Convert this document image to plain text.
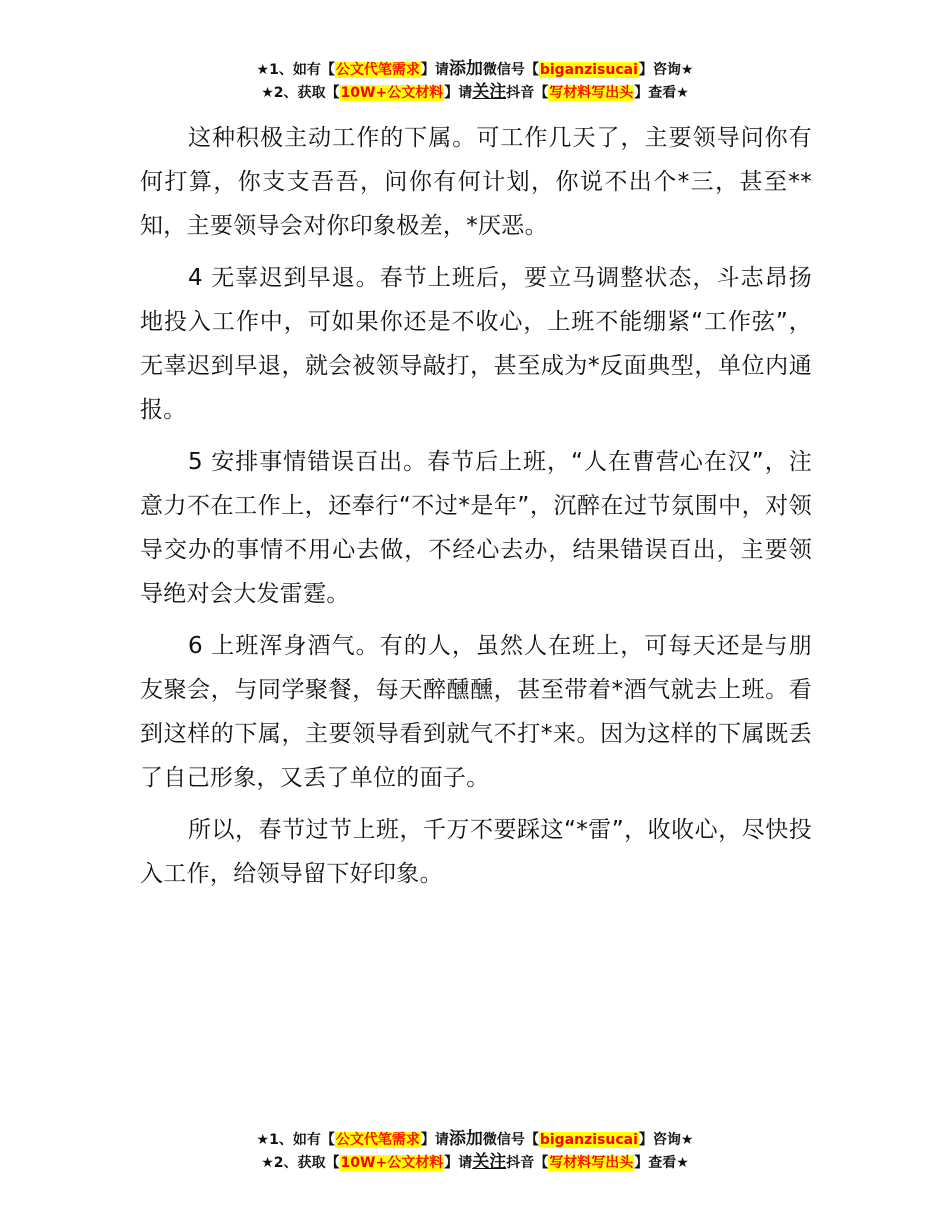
★1、如有【公文代笔需求】请添加微信号【biganzisucai】咨询★
★2、获取【10W+公文材料】请关注抖音【写材料写出头】查看★

这种积极主动工作的下属。可工作几天了，主要领导问你有何打算，你支支吾吾，问你有何计划，你说不出个*三，甚至**知，主要领导会对你印象极差，*厌恶。

4 无辜迟到早退。春节上班后，要立马调整状态，斗志昂扬地投入工作中，可如果你还是不收心，上班不能绷紧“工作弦”，无辜迟到早退，就会被领导敲打，甚至成为*反面典型，单位内通报。

5 安排事情错误百出。春节后上班，“人在曹营心在汉”，注意力不在工作上，还奉行“不过*是年”，沉醉在过节氛围中，对领导交办的事情不用心去做，不经心去办，结果错误百出，主要领导绝对会大发雷霆。

6 上班浑身酒气。有的人，虽然人在班上，可每天还是与朋友聚会，与同学聚餐，每天醉醺醺，甚至带着*酒气就去上班。看到这样的下属，主要领导看到就气不打*来。因为这样的下属既丢了自己形象，又丢了单位的面子。

所以，春节过节上班，千万不要踩这“*雷”，收收心，尽快投入工作，给领导留下好印象。

★1、如有【公文代笔需求】请添加微信号【biganzisucai】咨询★
★2、获取【10W+公文材料】请关注抖音【写材料写出头】查看★
